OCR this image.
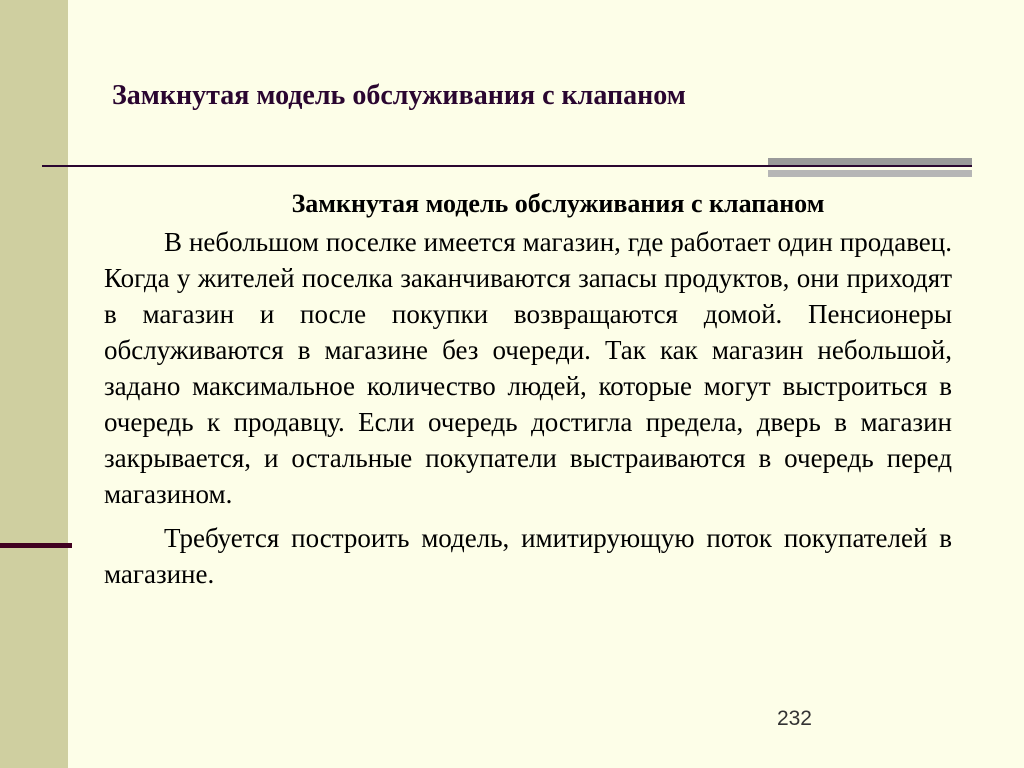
Замкнутая модель обслуживания с клапаном

Замкнутая модель обслуживания с клапаном

В небольшом поселке имеется магазин, где работает один продавец. Когда у жителей поселка заканчиваются запасы продуктов, они приходят в магазин и после покупки возвращаются домой. Пенсионеры обслуживаются в магазине без очереди. Так как магазин небольшой, задано максимальное количество людей, которые могут выстроиться в очередь к продавцу. Если очередь достигла предела, дверь в магазин закрывается, и остальные покупатели выстраиваются в очередь перед магазином.

Требуется построить модель, имитирующую поток покупателей в магазине.

232
